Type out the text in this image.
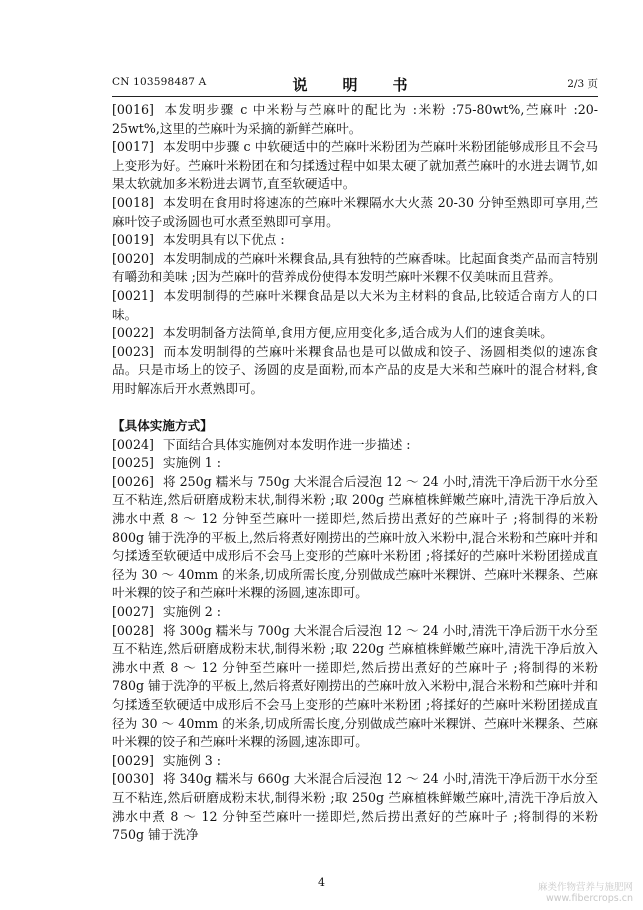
CN 103598487 A	说　明　书	2/3 页

[0016] 本发明步骤 c 中米粉与苎麻叶的配比为 :米粉 :75-80wt%,苎麻叶 :20-25wt%,这里的苎麻叶为采摘的新鲜苎麻叶。

[0017] 本发明中步骤 c 中软硬适中的苎麻叶米粉团为苎麻叶米粉团能够成形且不会马上变形为好。苎麻叶米粉团在和匀揉透过程中如果太硬了就加煮苎麻叶的水进去调节,如果太软就加多米粉进去调节,直至软硬适中。

[0018] 本发明在食用时将速冻的苎麻叶米粿隔水大火蒸 20-30 分钟至熟即可享用,苎麻叶饺子或汤圆也可水煮至熟即可享用。

[0019] 本发明具有以下优点 :

[0020] 本发明制成的苎麻叶米粿食品,具有独特的苎麻香味。比起面食类产品而言特别有嚼劲和美味 ;因为苎麻叶的营养成份使得本发明苎麻叶米粿不仅美味而且营养。

[0021] 本发明制得的苎麻叶米粿食品是以大米为主材料的食品,比较适合南方人的口味。

[0022] 本发明制备方法简单,食用方便,应用变化多,适合成为人们的速食美味。

[0023] 而本发明制得的苎麻叶米粿食品也是可以做成和饺子、汤圆相类似的速冻食品。只是市场上的饺子、汤圆的皮是面粉,而本产品的皮是大米和苎麻叶的混合材料,食用时解冻后开水煮熟即可。

【具体实施方式】

[0024] 下面结合具体实施例对本发明作进一步描述 :

[0025] 实施例 1 :

[0026] 将 250g 糯米与 750g 大米混合后浸泡 12 ～ 24 小时,清洗干净后沥干水分至互不粘连,然后研磨成粉末状,制得米粉 ;取 200g 苎麻植株鲜嫩苎麻叶,清洗干净后放入沸水中煮 8 ～ 12 分钟至苎麻叶一搓即烂,然后捞出煮好的苎麻叶子 ;将制得的米粉 800g 铺于洗净的平板上,然后将煮好刚捞出的苎麻叶放入米粉中,混合米粉和苎麻叶并和匀揉透至软硬适中成形后不会马上变形的苎麻叶米粉团 ;将揉好的苎麻叶米粉团搓成直径为 30 ～ 40mm 的米条,切成所需长度,分别做成苎麻叶米粿饼、苎麻叶米粿条、苎麻叶米粿的饺子和苎麻叶米粿的汤圆,速冻即可。

[0027] 实施例 2 :

[0028] 将 300g 糯米与 700g 大米混合后浸泡 12 ～ 24 小时,清洗干净后沥干水分至互不粘连,然后研磨成粉末状,制得米粉 ;取 220g 苎麻植株鲜嫩苎麻叶,清洗干净后放入沸水中煮 8 ～ 12 分钟至苎麻叶一搓即烂,然后捞出煮好的苎麻叶子 ;将制得的米粉 780g 铺于洗净的平板上,然后将煮好刚捞出的苎麻叶放入米粉中,混合米粉和苎麻叶并和匀揉透至软硬适中成形后不会马上变形的苎麻叶米粉团 ;将揉好的苎麻叶米粉团搓成直径为 30 ～ 40mm 的米条,切成所需长度,分别做成苎麻叶米粿饼、苎麻叶米粿条、苎麻叶米粿的饺子和苎麻叶米粿的汤圆,速冻即可。

[0029] 实施例 3 :

[0030] 将 340g 糯米与 660g 大米混合后浸泡 12 ～ 24 小时,清洗干净后沥干水分至互不粘连,然后研磨成粉末状,制得米粉 ;取 250g 苎麻植株鲜嫩苎麻叶,清洗干净后放入沸水中煮 8 ～ 12 分钟至苎麻叶一搓即烂,然后捞出煮好的苎麻叶子 ;将制得的米粉 750g 铺于洗净

4	麻类作物营养与施肥网
www.fibercrops.cn
